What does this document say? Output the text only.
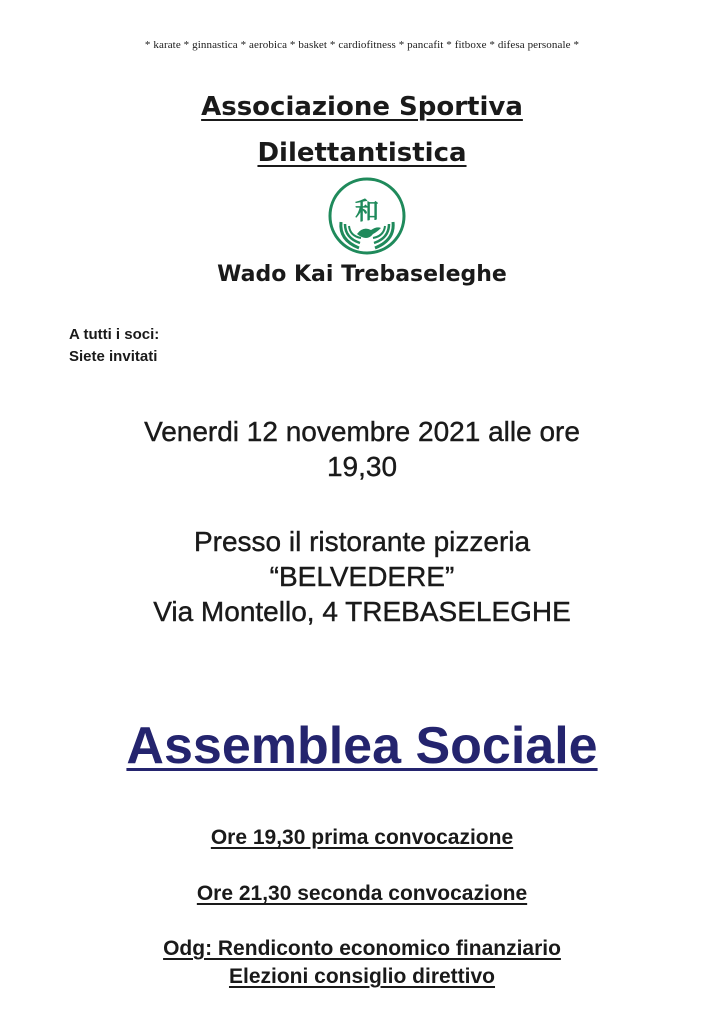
* karate * ginnastica * aerobica * basket * cardiofitness * pancafit * fitboxe * difesa personale *
Associazione Sportiva
Dilettantistica
和
Wado Kai Trebaseleghe
A tutti i soci:
Siete invitati
Venerdi 12 novembre 2021 alle ore
19,30
Presso il ristorante pizzeria
“BELVEDERE”
Via Montello, 4 TREBASELEGHE
Assemblea Sociale
Ore 19,30 prima convocazione
Ore 21,30 seconda convocazione
Odg: Rendiconto economico finanziario
Elezioni consiglio direttivo
